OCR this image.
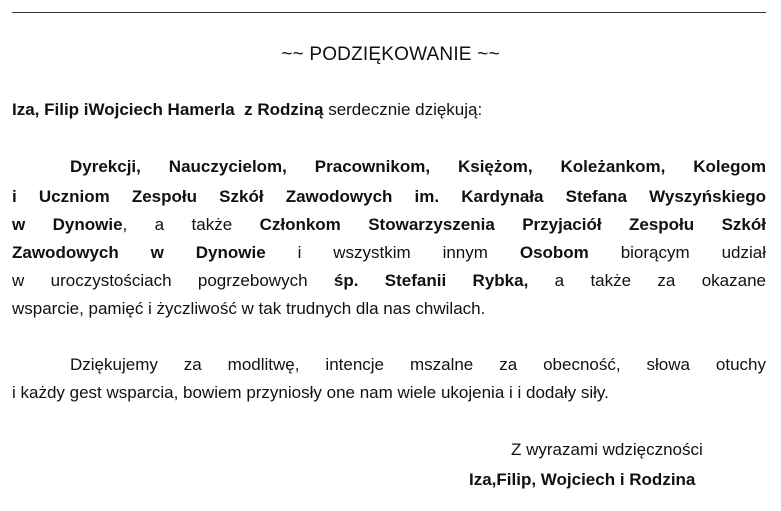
~~ PODZIĘKOWANIE ~~
Iza, Filip iWojciech Hamerla z Rodziną serdecznie dziękują:
Dyrekcji, Nauczycielom, Pracownikom, Księżom, Koleżankom, Kolegom
i Uczniom Zespołu Szkół Zawodowych im. Kardynała Stefana Wyszyńskiego
w Dynowie, a także Członkom Stowarzyszenia Przyjaciół Zespołu Szkół
Zawodowych w Dynowie i wszystkim innym Osobom biorącym udział
w uroczystościach pogrzebowych śp. Stefanii Rybka, a także za okazane
wsparcie, pamięć i życzliwość w tak trudnych dla nas chwilach.
Dziękujemy za modlitwę, intencje mszalne za obecność, słowa otuchy
i każdy gest wsparcia, bowiem przyniosły one nam wiele ukojenia i i dodały siły.
Z wyrazami wdzięczności
Iza,Filip, Wojciech i Rodzina
